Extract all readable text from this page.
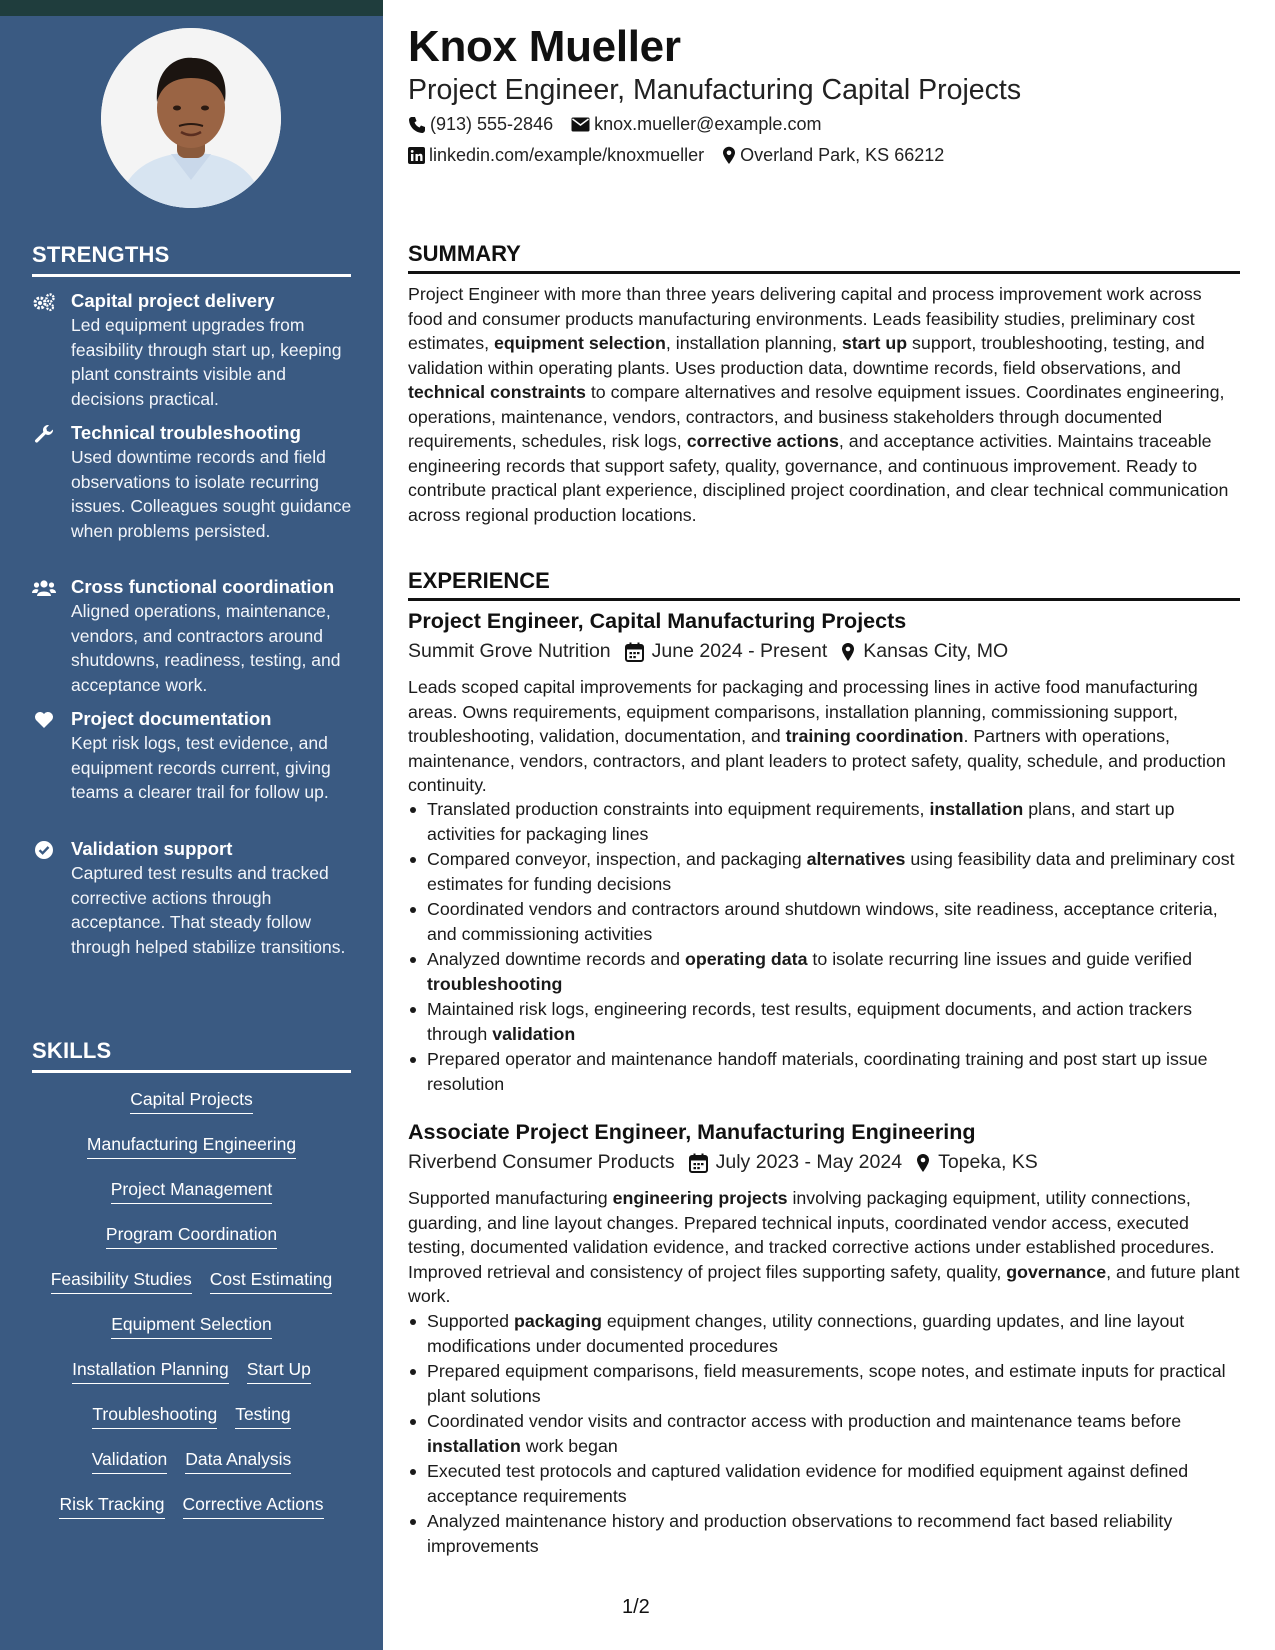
STRENGTHS
Capital project delivery
Led equipment upgrades from feasibility through start up, keeping plant constraints visible and decisions practical.
Technical troubleshooting
Used downtime records and field observations to isolate recurring issues. Colleagues sought guidance when problems persisted.
Cross functional coordination
Aligned operations, maintenance, vendors, and contractors around shutdowns, readiness, testing, and acceptance work.
Project documentation
Kept risk logs, test evidence, and equipment records current, giving teams a clearer trail for follow up.
Validation support
Captured test results and tracked corrective actions through acceptance. That steady follow through helped stabilize transitions.
SKILLS
Capital Projects
Manufacturing Engineering
Project Management
Program Coordination
Feasibility Studies Cost Estimating
Equipment Selection
Installation Planning Start Up
Troubleshooting Testing
Validation Data Analysis
Risk Tracking Corrective Actions
Knox Mueller
Project Engineer, Manufacturing Capital Projects
(913) 555-2846 knox.mueller@example.com
linkedin.com/example/knoxmueller Overland Park, KS 66212
SUMMARY

Project Engineer with more than three years delivering capital and process improvement work across food and consumer products manufacturing environments. Leads feasibility studies, preliminary cost estimates, equipment selection, installation planning, start up support, troubleshooting, testing, and validation within operating plants. Uses production data, downtime records, field observations, and technical constraints to compare alternatives and resolve equipment issues. Coordinates engineering, operations, maintenance, vendors, contractors, and business stakeholders through documented requirements, schedules, risk logs, corrective actions, and acceptance activities. Maintains traceable engineering records that support safety, quality, governance, and continuous improvement. Ready to contribute practical plant experience, disciplined project coordination, and clear technical communication across regional production locations.

EXPERIENCE
Project Engineer, Capital Manufacturing Projects
Summit Grove Nutrition June 2024 - Present Kansas City, MO

Leads scoped capital improvements for packaging and processing lines in active food manufacturing areas. Owns requirements, equipment comparisons, installation planning, commissioning support, troubleshooting, validation, documentation, and training coordination. Partners with operations, maintenance, vendors, contractors, and plant leaders to protect safety, quality, schedule, and production continuity.

Translated production constraints into equipment requirements, installation plans, and start up activities for packaging lines
Compared conveyor, inspection, and packaging alternatives using feasibility data and preliminary cost estimates for funding decisions
Coordinated vendors and contractors around shutdown windows, site readiness, acceptance criteria, and commissioning activities
Analyzed downtime records and operating data to isolate recurring line issues and guide verified troubleshooting
Maintained risk logs, engineering records, test results, equipment documents, and action trackers through validation
Prepared operator and maintenance handoff materials, coordinating training and post start up issue resolution
Associate Project Engineer, Manufacturing Engineering
Riverbend Consumer Products July 2023 - May 2024 Topeka, KS

Supported manufacturing engineering projects involving packaging equipment, utility connections, guarding, and line layout changes. Prepared technical inputs, coordinated vendor access, executed testing, documented validation evidence, and tracked corrective actions under established procedures. Improved retrieval and consistency of project files supporting safety, quality, governance, and future plant work.

Supported packaging equipment changes, utility connections, guarding updates, and line layout modifications under documented procedures
Prepared equipment comparisons, field measurements, scope notes, and estimate inputs for practical plant solutions
Coordinated vendor visits and contractor access with production and maintenance teams before installation work began
Executed test protocols and captured validation evidence for modified equipment against defined acceptance requirements
Analyzed maintenance history and production observations to recommend fact based reliability improvements
1/2
